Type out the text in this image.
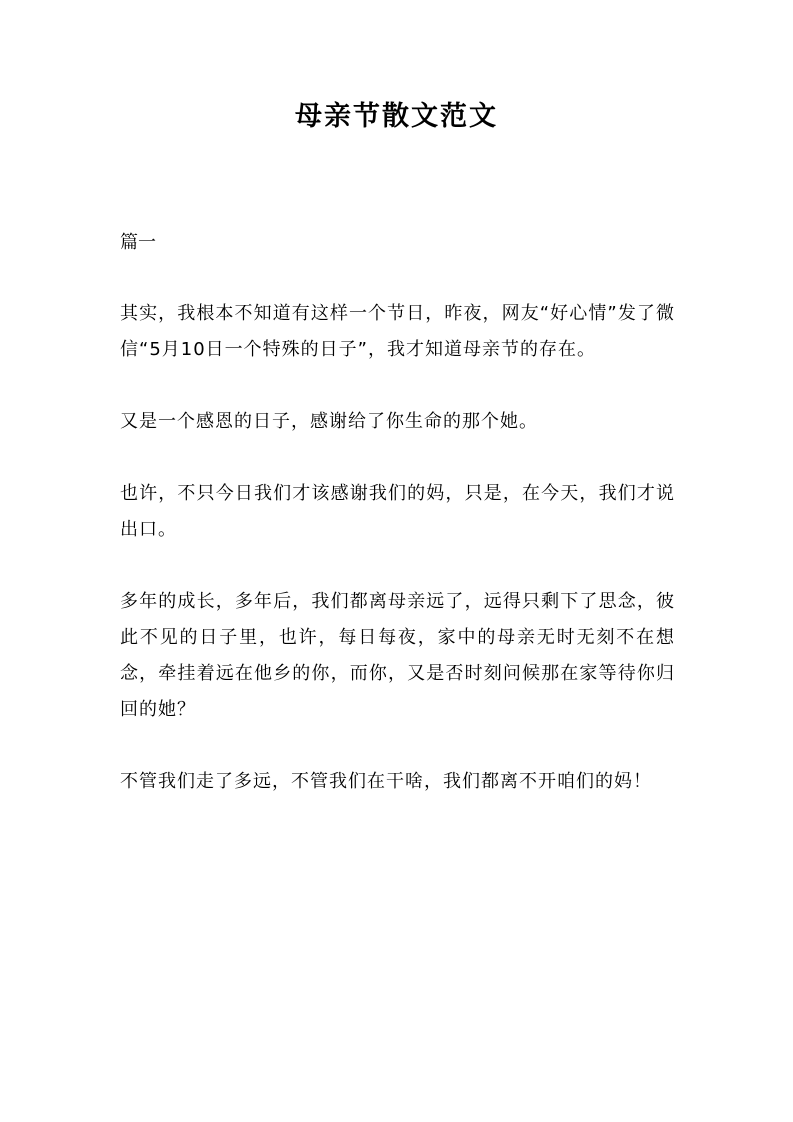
母亲节散文范文

篇一

其实，我根本不知道有这样一个节日，昨夜，网友“好心情”发了微信“5月10日一个特殊的日子”，我才知道母亲节的存在。

又是一个感恩的日子，感谢给了你生命的那个她。

也许，不只今日我们才该感谢我们的妈，只是，在今天，我们才说出口。

多年的成长，多年后，我们都离母亲远了，远得只剩下了思念，彼此不见的日子里，也许，每日每夜，家中的母亲无时无刻不在想念，牵挂着远在他乡的你，而你，又是否时刻问候那在家等待你归回的她？

不管我们走了多远，不管我们在干啥，我们都离不开咱们的妈！
